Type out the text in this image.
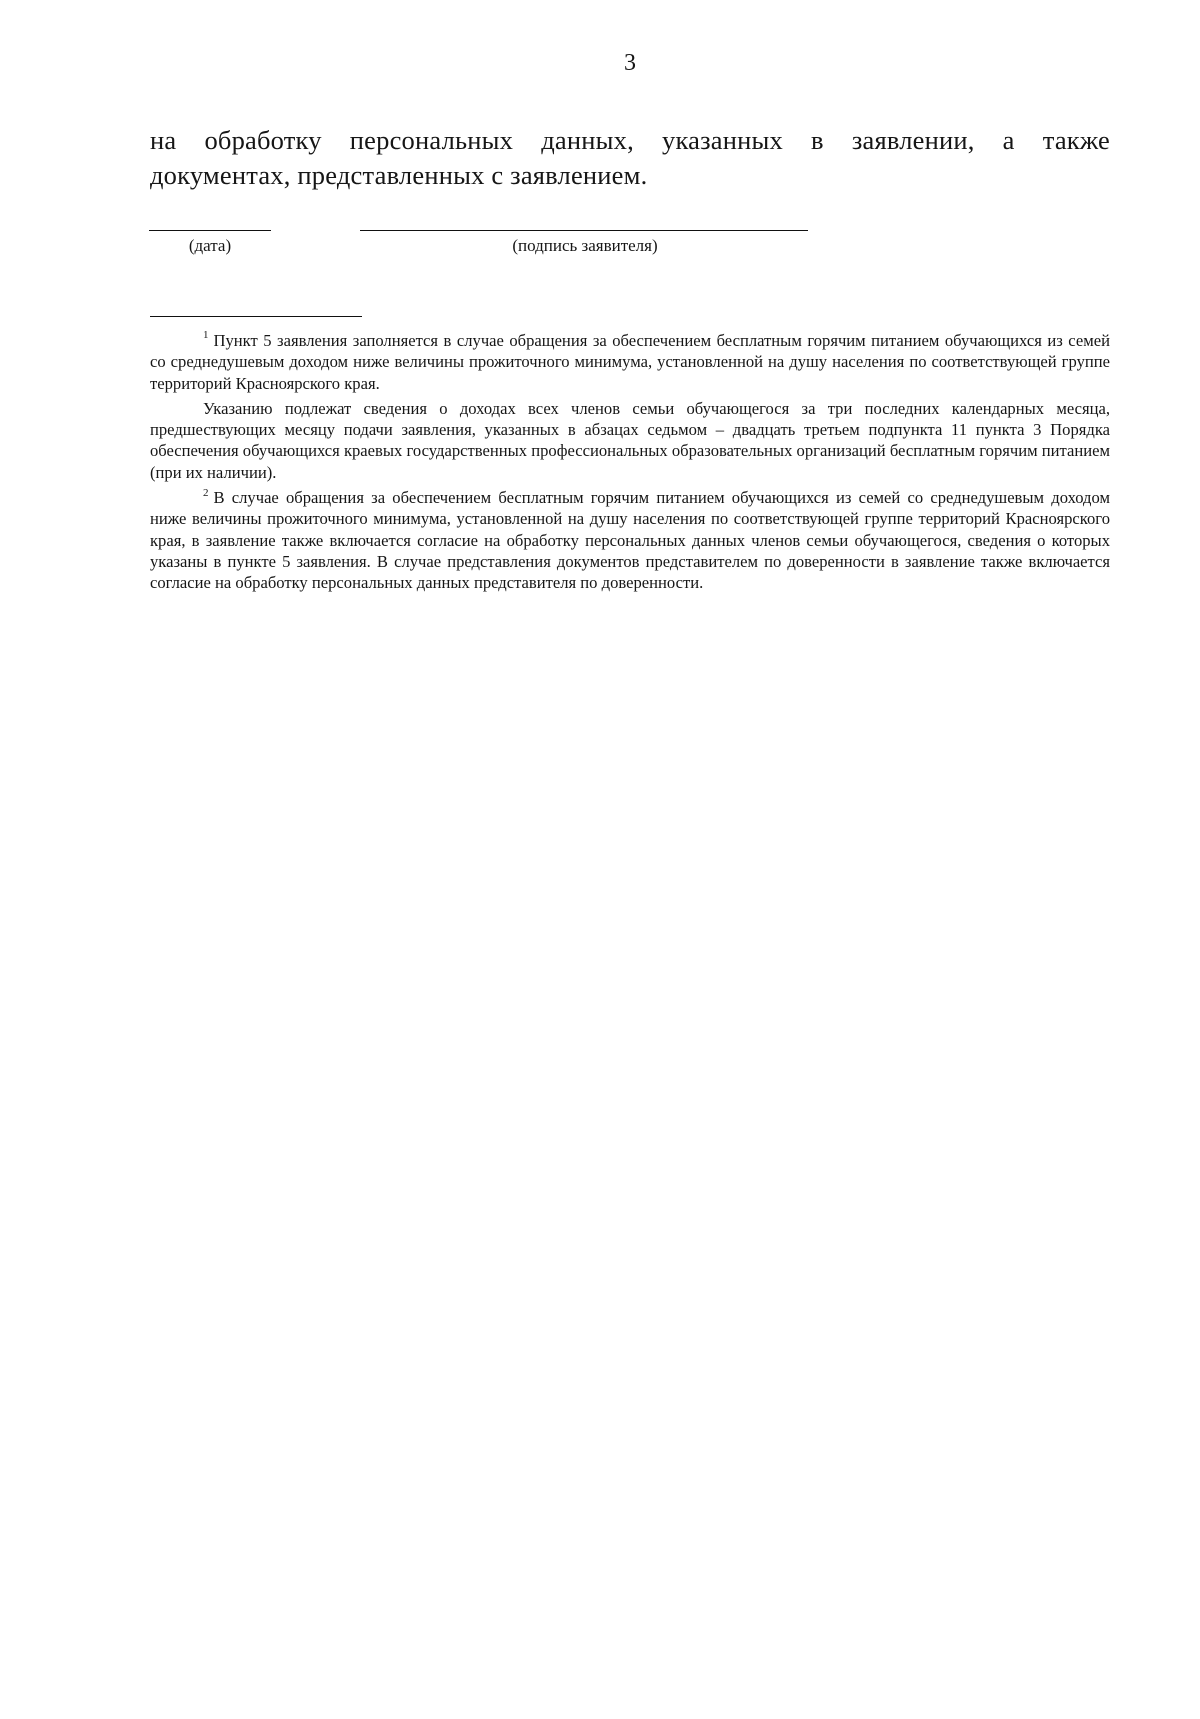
3
на обработку персональных данных, указанных в заявлении, а также
документах, представленных с заявлением.
(дата)	(подпись заявителя)

$^1$ Пункт 5 заявления заполняется в случае обращения за обеспечением бесплатным горячим питанием обучающихся из семей со среднедушевым доходом ниже величины прожиточного минимума, установленной на душу населения по соответствующей группе территорий Красноярского края.

Указанию подлежат сведения о доходах всех членов семьи обучающегося за три последних календарных месяца, предшествующих месяцу подачи заявления, указанных в абзацах седьмом – двадцать третьем подпункта 11 пункта 3 Порядка обеспечения обучающихся краевых государственных профессиональных образовательных организаций бесплатным горячим питанием (при их наличии).

$^2$ В случае обращения за обеспечением бесплатным горячим питанием обучающихся из семей со среднедушевым доходом ниже величины прожиточного минимума, установленной на душу населения по соответствующей группе территорий Красноярского края, в заявление также включается согласие на обработку персональных данных членов семьи обучающегося, сведения о которых указаны в пункте 5 заявления. В случае представления документов представителем по доверенности в заявление также включается согласие на обработку персональных данных представителя по доверенности.
